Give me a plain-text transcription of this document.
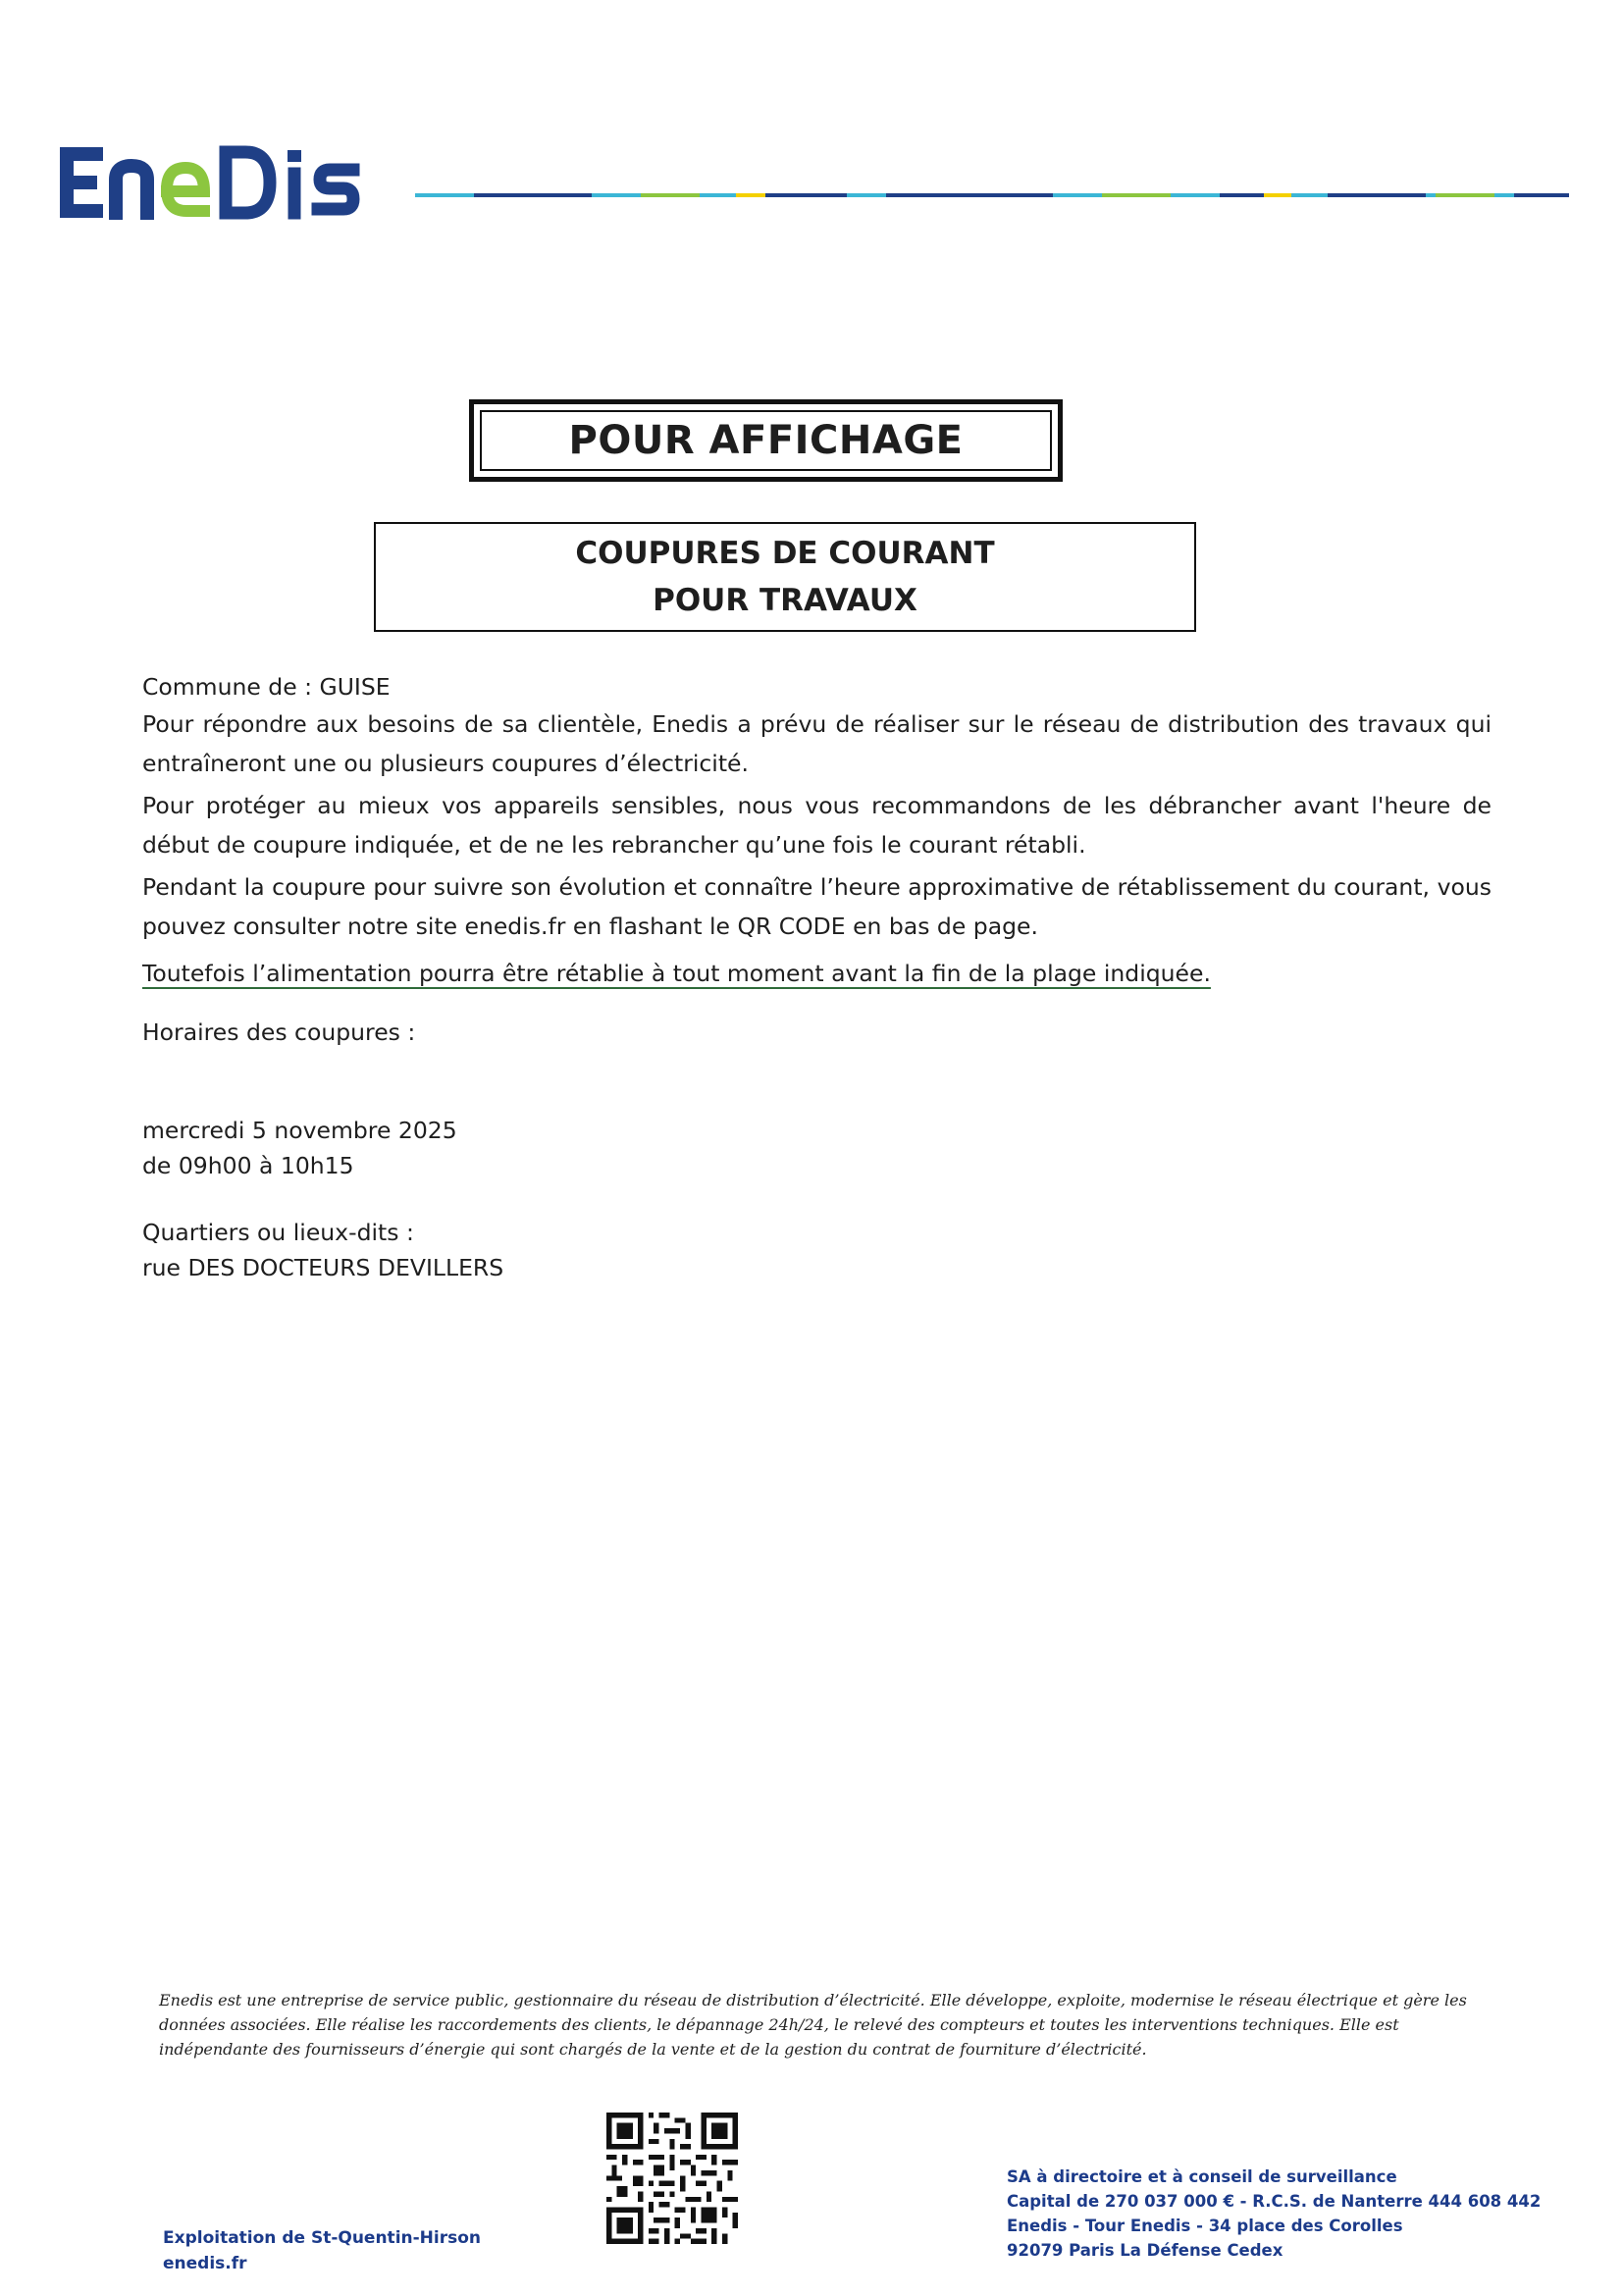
POUR AFFICHAGE
COUPURES DE COURANT
POUR TRAVAUX
Commune de : GUISE
Pour répondre aux besoins de sa clientèle, Enedis a prévu de réaliser sur le réseau de distribution des travaux qui entraîneront une ou plusieurs coupures d’électricité.
Pour protéger au mieux vos appareils sensibles, nous vous recommandons de les débrancher avant l'heure de début de coupure indiquée, et de ne les rebrancher qu’une fois le courant rétabli.
Pendant la coupure pour suivre son évolution et connaître l’heure approximative de rétablissement du courant, vous pouvez consulter notre site enedis.fr en flashant le QR CODE en bas de page.
Toutefois l’alimentation pourra être rétablie à tout moment avant la fin de la plage indiquée.
Horaires des coupures :
mercredi 5 novembre 2025
de 09h00 à 10h15
Quartiers ou lieux-dits :
rue DES DOCTEURS DEVILLERS
Enedis est une entreprise de service public, gestionnaire du réseau de distribution d’électricité. Elle développe, exploite, modernise le réseau électrique et gère les données associées. Elle réalise les raccordements des clients, le dépannage 24h/24, le relevé des compteurs et toutes les interventions techniques. Elle est indépendante des fournisseurs d’énergie qui sont chargés de la vente et de la gestion du contrat de fourniture d’électricité.
Exploitation de St-Quentin-Hirson
enedis.fr
SA à directoire et à conseil de surveillance
Capital de 270 037 000 € - R.C.S. de Nanterre 444 608 442
Enedis - Tour Enedis - 34 place des Corolles
92079 Paris La Défense Cedex
